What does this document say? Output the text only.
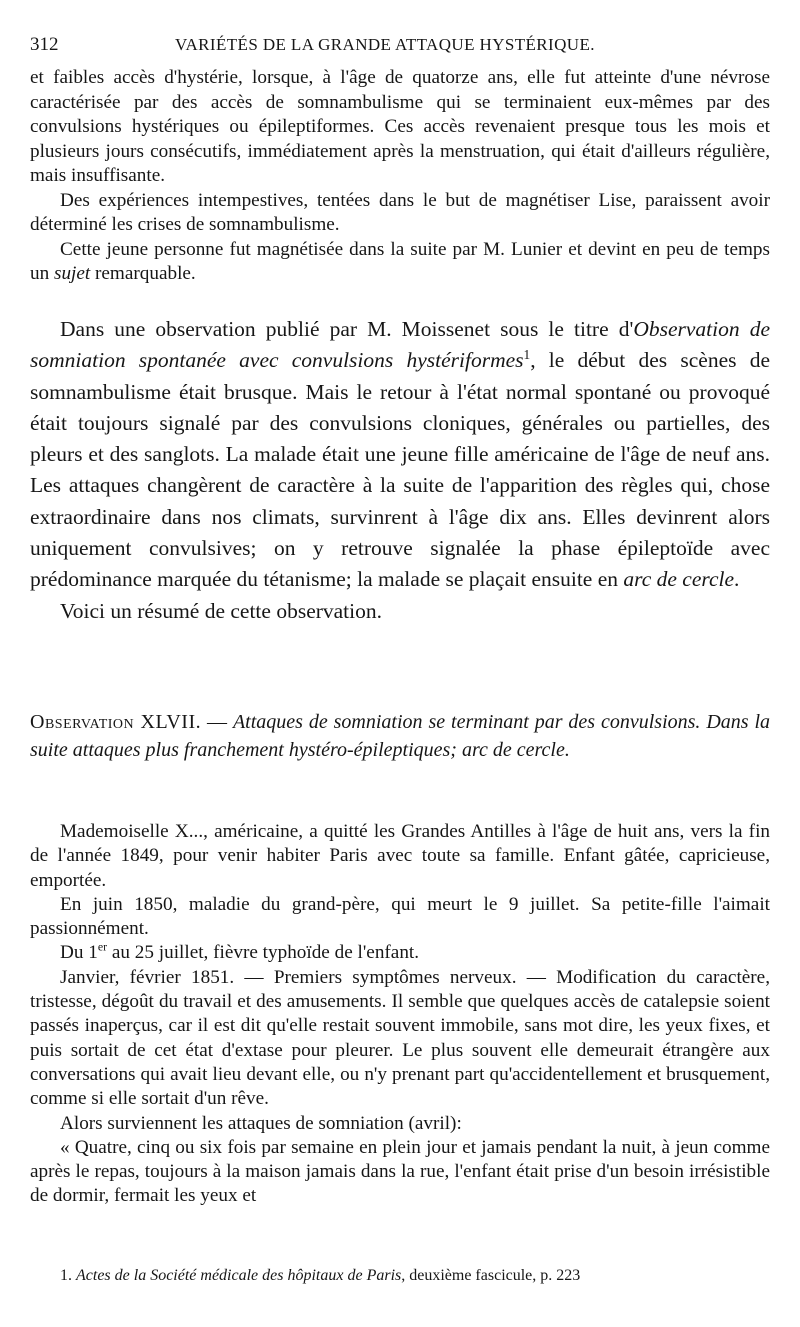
312	VARIÉTÉS DE LA GRANDE ATTAQUE HYSTÉRIQUE.

et faibles accès d'hystérie, lorsque, à l'âge de quatorze ans, elle fut atteinte d'une névrose caractérisée par des accès de somnambulisme qui se terminaient eux-mêmes par des convulsions hystériques ou épileptiformes. Ces accès revenaient presque tous les mois et plusieurs jours consécutifs, immédiatement après la menstruation, qui était d'ailleurs régulière, mais insuffisante.

Des expériences intempestives, tentées dans le but de magnétiser Lise, paraissent avoir déterminé les crises de somnambulisme.

Cette jeune personne fut magnétisée dans la suite par M. Lunier et devint en peu de temps un sujet remarquable.

Dans une observation publié par M. Moissenet sous le titre d'Observation de somniation spontanée avec convulsions hystériformes$^1$, le début des scènes de somnambulisme était brusque. Mais le retour à l'état normal spontané ou provoqué était toujours signalé par des convulsions cloniques, générales ou partielles, des pleurs et des sanglots. La malade était une jeune fille américaine de l'âge de neuf ans. Les attaques changèrent de caractère à la suite de l'apparition des règles qui, chose extraordinaire dans nos climats, survinrent à l'âge dix ans. Elles devinrent alors uniquement convulsives; on y retrouve signalée la phase épileptoïde avec prédominance marquée du tétanisme; la malade se plaçait ensuite en arc de cercle.

Voici un résumé de cette observation.

Observation XLVII. — Attaques de somniation se terminant par des convulsions. Dans la suite attaques plus franchement hystéro-épileptiques; arc de cercle.

Mademoiselle X..., américaine, a quitté les Grandes Antilles à l'âge de huit ans, vers la fin de l'année 1849, pour venir habiter Paris avec toute sa famille. Enfant gâtée, capricieuse, emportée.

En juin 1850, maladie du grand-père, qui meurt le 9 juillet. Sa petite-fille l'aimait passionnément.

Du 1er au 25 juillet, fièvre typhoïde de l'enfant.

Janvier, février 1851. — Premiers symptômes nerveux. — Modification du caractère, tristesse, dégoût du travail et des amusements. Il semble que quelques accès de catalepsie soient passés inaperçus, car il est dit qu'elle restait souvent immobile, sans mot dire, les yeux fixes, et puis sortait de cet état d'extase pour pleurer. Le plus souvent elle demeurait étrangère aux conversations qui avait lieu devant elle, ou n'y prenant part qu'accidentellement et brusquement, comme si elle sortait d'un rêve.

Alors surviennent les attaques de somniation (avril):

« Quatre, cinq ou six fois par semaine en plein jour et jamais pendant la nuit, à jeun comme après le repas, toujours à la maison jamais dans la rue, l'enfant était prise d'un besoin irrésistible de dormir, fermait les yeux et

1. Actes de la Société médicale des hôpitaux de Paris, deuxième fascicule, p. 223
